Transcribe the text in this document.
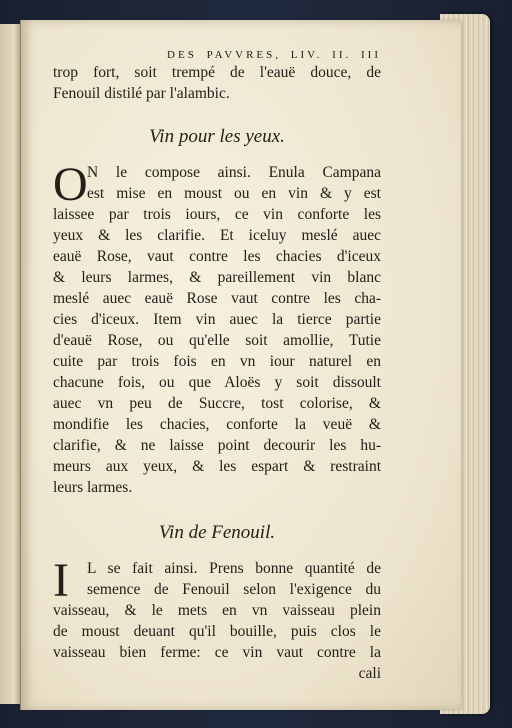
DES PAVVRES, LIV. II. III

trop fort, soit trempé de l'eauë douce, de

Fenouil distilé par l'alambic.

Vin pour les yeux.

O N le compose ainsi. Enula Campana

est mise en moust ou en vin & y est

laissee par trois iours, ce vin conforte les

yeux & les clarifie. Et iceluy meslé auec

eauë Rose, vaut contre les chacies d'iceux

& leurs larmes, & pareillement vin blanc

meslé auec eauë Rose vaut contre les cha-

cies d'iceux. Item vin auec la tierce partie

d'eauë Rose, ou qu'elle soit amollie, Tutie

cuite par trois fois en vn iour naturel en

chacune fois, ou que Aloës y soit dissoult

auec vn peu de Succre, tost colorise, &

mondifie les chacies, conforte la veuë &

clarifie, & ne laisse point decourir les hu-

meurs aux yeux, & les espart & restraint

leurs larmes.

Vin de Fenouil.

I	L se fait ainsi. Prens bonne quantité de

semence de Fenouil selon l'exigence du

vaisseau, & le mets en vn vaisseau plein

de moust deuant qu'il bouille, puis clos le

vaisseau bien ferme: ce vin vaut contre la

cali
